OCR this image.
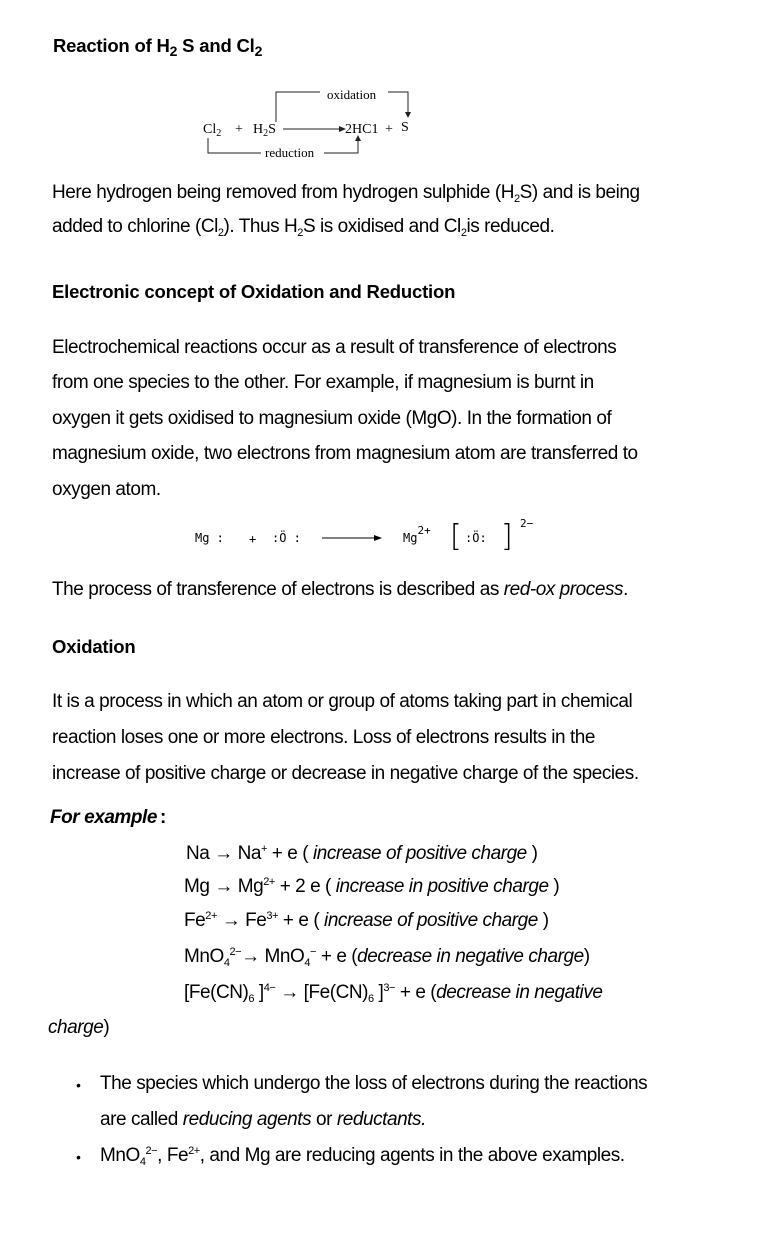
Reaction of $H_2$ S and $Cl_2$
oxidation
$Cl_2 + H_2S$	2HC1 + S
reduction
Here hydrogen being removed from hydrogen sulphide $(H_2S)$ and is being
added to chlorine $(Cl_2)$. Thus $H_2S$ is oxidised and $Cl_2is$ reduced.
Electronic concept of Oxidation and Reduction
Electrochemical reactions occur as a result of transference of electrons
from one species to the other. For example, if magnesium is burnt in
oxygen it gets oxidised to magnesium oxide (MgO). In the formation of
magnesium oxide, two electrons from magnesium atom are transferred to
oxygen atom.
Mg : + :Ö :	$Mg^{2+}$ [ :Ö: ] 2−
The process of transference of electrons is described as red-ox process.
Oxidation
It is a process in which an atom or group of atoms taking part in chemical
reaction loses one or more electrons. Loss of electrons results in the
increase of positive charge or decrease in negative charge of the species.
For example :
Na → Na+ + e ( increase of positive charge )
$Mg \to Mg^{2+} + 2$ e ( increase in positive charge )
$Fe^{2+} \to Fe^{3+} + e$ ( increase of positive charge )
MnO$_4^{2-}$→ MnO$_4$− + e (decrease in negative charge)
[$Fe(CN)_6$ ]$^{4-} \to [Fe(CN)_6$ ]$^{3-}$ + e (decrease in negative
charge)
• The species which undergo the loss of electrons during the reactions
are called reducing agents or reductants.
• MnO$_4^{2-}$, $Fe^{2+}$, and Mg are reducing agents in the above examples.
